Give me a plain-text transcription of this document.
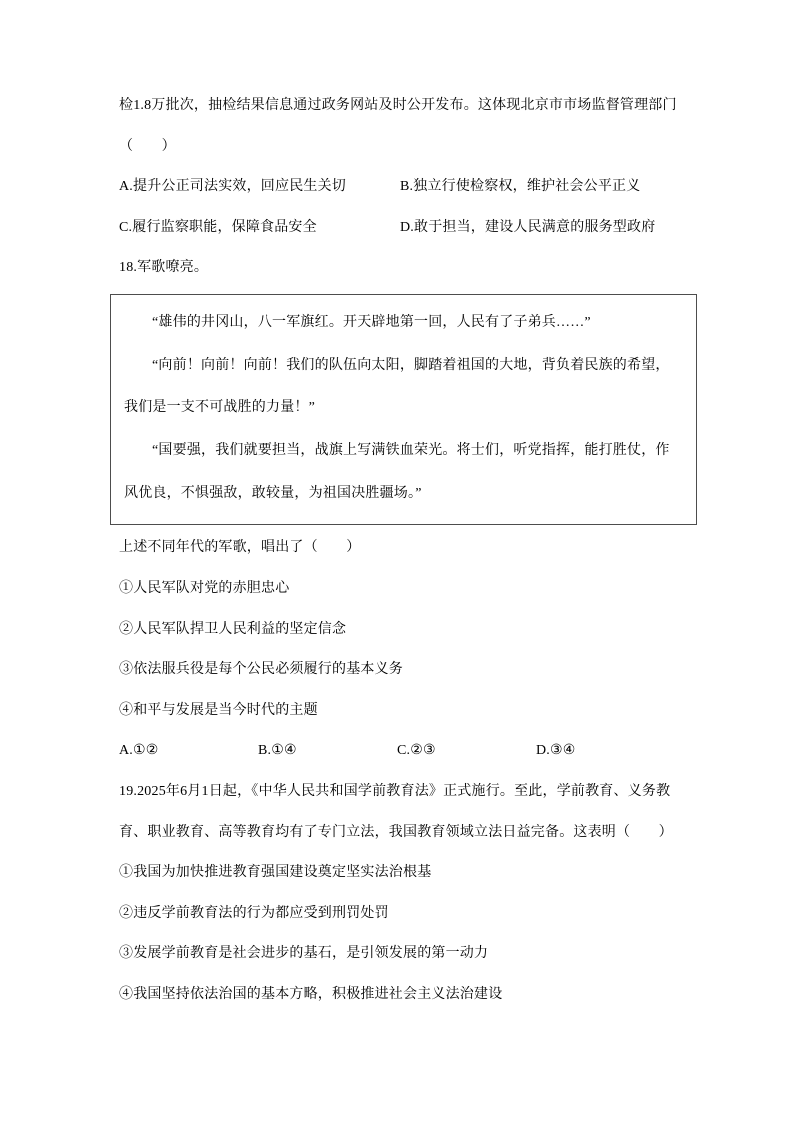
检1.8万批次，抽检结果信息通过政务网站及时公开发布。这体现北京市市场监督管理部门

（　　）

A.提升公正司法实效，回应民生关切	B.独立行使检察权，维护社会公平正义
C.履行监察职能，保障食品安全	D.敢于担当，建设人民满意的服务型政府

18.军歌嘹亮。

“雄伟的井冈山，八一军旗红。开天辟地第一回，人民有了子弟兵……”

“向前！向前！向前！我们的队伍向太阳，脚踏着祖国的大地，背负着民族的希望，我们是一支不可战胜的力量！”

“国要强，我们就要担当，战旗上写满铁血荣光。将士们，听党指挥，能打胜仗，作风优良，不惧强敌，敢较量，为祖国决胜疆场。”

上述不同年代的军歌，唱出了（　　）

①人民军队对党的赤胆忠心

②人民军队捍卫人民利益的坚定信念

③依法服兵役是每个公民必须履行的基本义务

④和平与发展是当今时代的主题

A.①②	B.①④	C.②③	D.③④

19.2025年6月1日起，《中华人民共和国学前教育法》正式施行。至此，学前教育、义务教育、职业教育、高等教育均有了专门立法，我国教育领域立法日益完备。这表明（　　）

①我国为加快推进教育强国建设奠定坚实法治根基

②违反学前教育法的行为都应受到刑罚处罚

③发展学前教育是社会进步的基石，是引领发展的第一动力

④我国坚持依法治国的基本方略，积极推进社会主义法治建设
